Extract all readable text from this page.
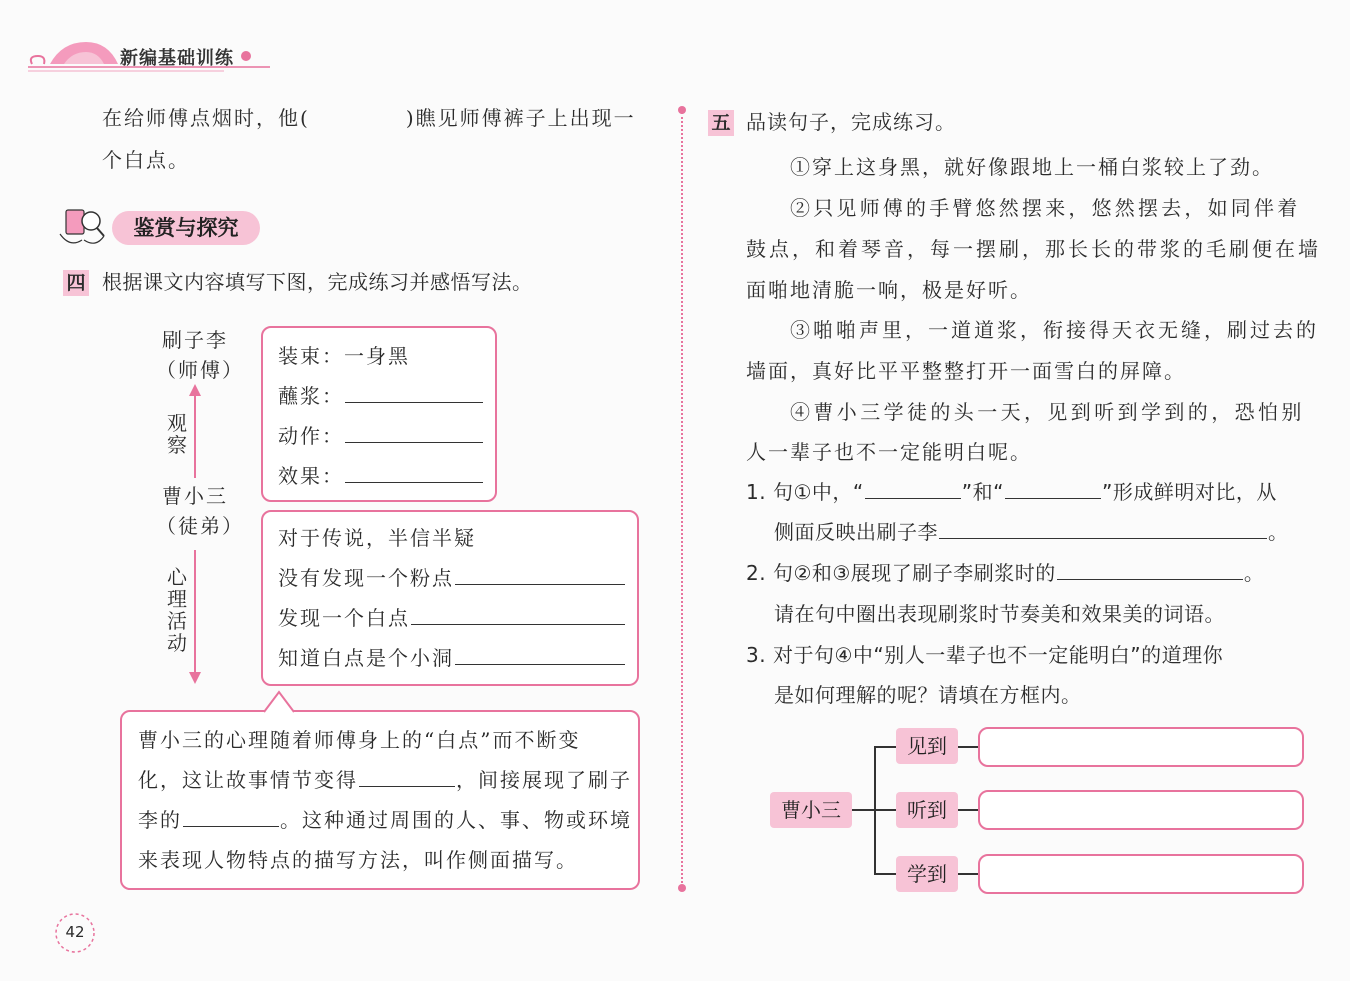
新编基础训练
在给师傅点烟时，他(	)瞧见师傅裤子上出现一
个白点。
鉴赏与探究
四 根据课文内容填写下图，完成练习并感悟写法。
刷子李
（师傅）
观
察
曹小三
（徒弟）
心
理
活
动
装束：一身黑
蘸浆：
动作：
效果：
对于传说，半信半疑
没有发现一个粉点
发现一个白点
知道白点是个小洞
曹小三的心理随着师傅身上的“白点”而不断变
化，这让故事情节变得	，间接展现了刷子
李的	。这种通过周围的人、事、物或环境
来表现人物特点的描写方法，叫作侧面描写。
42
五 品读句子，完成练习。
①穿上这身黑，就好像跟地上一桶白浆较上了劲。
②只见师傅的手臂悠然摆来，悠然摆去，如同伴着
鼓点，和着琴音，每一摆刷，那长长的带浆的毛刷便在墙
面啪地清脆一响，极是好听。
③啪啪声里，一道道浆，衔接得天衣无缝，刷过去的
墙面，真好比平平整整打开一面雪白的屏障。
④曹小三学徒的头一天，见到听到学到的，恐怕别
人一辈子也不一定能明白呢。
1. 句①中，“	”和“	”形成鲜明对比，从
侧面反映出刷子李	。
2. 句②和③展现了刷子李刷浆时的	。
请在句中圈出表现刷浆时节奏美和效果美的词语。
3. 对于句④中“别人一辈子也不一定能明白”的道理你
是如何理解的呢？请填在方框内。
曹小三
见到
听到
学到
